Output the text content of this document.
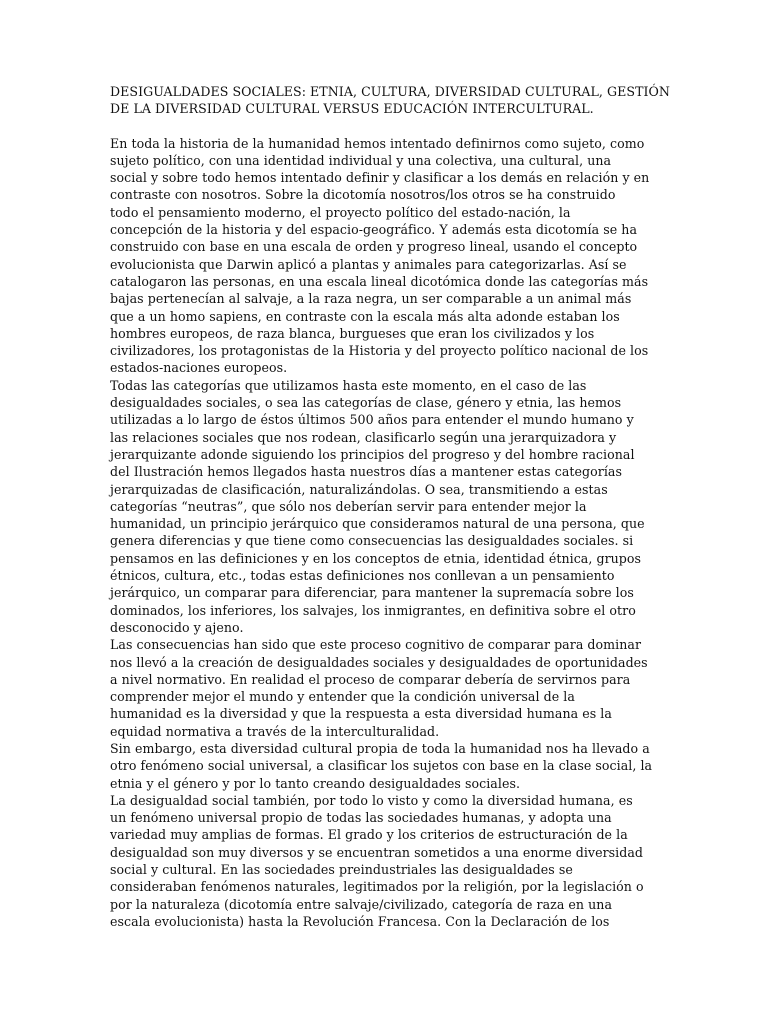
DESIGUALDADES SOCIALES: ETNIA, CULTURA, DIVERSIDAD CULTURAL, GESTIÓN
DE LA DIVERSIDAD CULTURAL VERSUS EDUCACIÓN INTERCULTURAL.

En toda la historia de la humanidad hemos intentado definirnos como sujeto, como
sujeto político, con una identidad individual y una colectiva, una cultural, una
social y sobre todo hemos intentado definir y clasificar a los demás en relación y en
contraste con nosotros. Sobre la dicotomía nosotros/los otros se ha construido
todo el pensamiento moderno, el proyecto político del estado-nación, la
concepción de la historia y del espacio-geográfico. Y además esta dicotomía se ha
construido con base en una escala de orden y progreso lineal, usando el concepto
evolucionista que Darwin aplicó a plantas y animales para categorizarlas. Así se
catalogaron las personas, en una escala lineal dicotómica donde las categorías más
bajas pertenecían al salvaje, a la raza negra, un ser comparable a un animal más
que a un homo sapiens, en contraste con la escala más alta adonde estaban los
hombres europeos, de raza blanca, burgueses que eran los civilizados y los
civilizadores, los protagonistas de la Historia y del proyecto político nacional de los
estados-naciones europeos.

Todas las categorías que utilizamos hasta este momento, en el caso de las
desigualdades sociales, o sea las categorías de clase, género y etnia, las hemos
utilizadas a lo largo de éstos últimos 500 años para entender el mundo humano y
las relaciones sociales que nos rodean, clasificarlo según una jerarquizadora y
jerarquizante adonde siguiendo los principios del progreso y del hombre racional
del Ilustración hemos llegados hasta nuestros días a mantener estas categorías
jerarquizadas de clasificación, naturalizándolas. O sea, transmitiendo a estas
categorías “neutras”, que sólo nos deberían servir para entender mejor la
humanidad, un principio jerárquico que consideramos natural de una persona, que
genera diferencias y que tiene como consecuencias las desigualdades sociales. si
pensamos en las definiciones y en los conceptos de etnia, identidad étnica, grupos
étnicos, cultura, etc., todas estas definiciones nos conllevan a un pensamiento
jerárquico, un comparar para diferenciar, para mantener la supremacía sobre los
dominados, los inferiores, los salvajes, los inmigrantes, en definitiva sobre el otro
desconocido y ajeno.

Las consecuencias han sido que este proceso cognitivo de comparar para dominar
nos llevó a la creación de desigualdades sociales y desigualdades de oportunidades
a nivel normativo. En realidad el proceso de comparar debería de servirnos para
comprender mejor el mundo y entender que la condición universal de la
humanidad es la diversidad y que la respuesta a esta diversidad humana es la
equidad normativa a través de la interculturalidad.

Sin embargo, esta diversidad cultural propia de toda la humanidad nos ha llevado a
otro fenómeno social universal, a clasificar los sujetos con base en la clase social, la
etnia y el género y por lo tanto creando desigualdades sociales.

La desigualdad social también, por todo lo visto y como la diversidad humana, es
un fenómeno universal propio de todas las sociedades humanas, y adopta una
variedad muy amplias de formas. El grado y los criterios de estructuración de la
desigualdad son muy diversos y se encuentran sometidos a una enorme diversidad
social y cultural. En las sociedades preindustriales las desigualdades se
consideraban fenómenos naturales, legitimados por la religión, por la legislación o
por la naturaleza (dicotomía entre salvaje/civilizado, categoría de raza en una
escala evolucionista) hasta la Revolución Francesa. Con la Declaración de los
